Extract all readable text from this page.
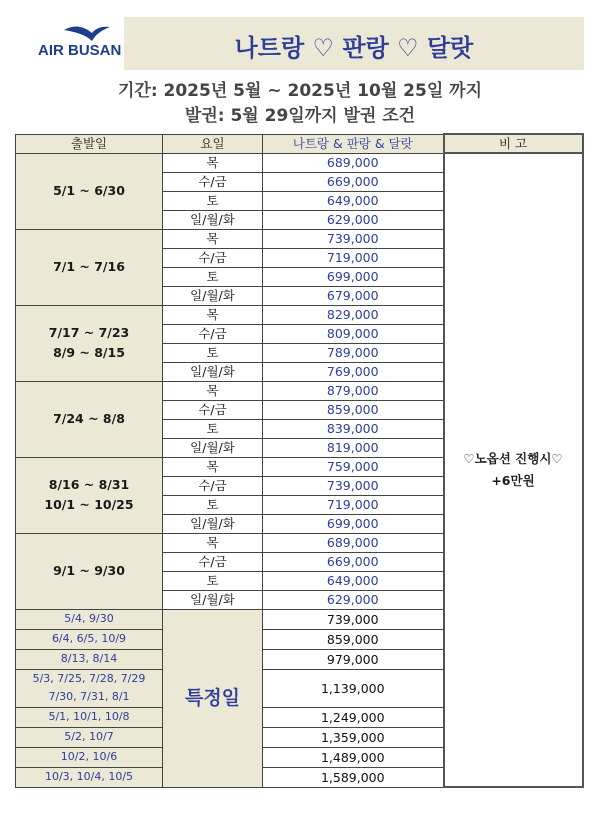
AIR BUSAN	나트랑 ♡ 판랑 ♡ 달랏
기간: 2025년 5월 ~ 2025년 10월 25일 까지
발권: 5월 29일까지 발권 조건
출발일	요일	나트랑 & 판랑 & 달랏	비 고

5/1 ~ 6/30	목	689,000	♡노옵션 진행시♡
+6만원

	수/금	669,000	
	토	649,000	
	일/월/화	629,000	

7/1 ~ 7/16	목	739,000	
	수/금	719,000	
	토	699,000	
	일/월/화	679,000	

7/17 ~ 7/23
8/9 ~ 8/15	목	829,000	
	수/금	809,000	
	토	789,000	
	일/월/화	769,000	

7/24 ~ 8/8	목	879,000	
	수/금	859,000	
	토	839,000	
	일/월/화	819,000	

8/16 ~ 8/31
10/1 ~ 10/25	목	759,000	
	수/금	739,000	
	토	719,000	
	일/월/화	699,000	

9/1 ~ 9/30	목	689,000	
	수/금	669,000	
	토	649,000	
	일/월/화	629,000	

5/4, 9/30	특정일	739,000	

6/4, 6/5, 10/9		859,000	

8/13, 8/14		979,000	

5/3, 7/25, 7/28, 7/29
7/30, 7/31, 8/1		1,139,000	

5/1, 10/1, 10/8		1,249,000	

5/2, 10/7		1,359,000	

10/2, 10/6		1,489,000	

10/3, 10/4, 10/5		1,589,000	
